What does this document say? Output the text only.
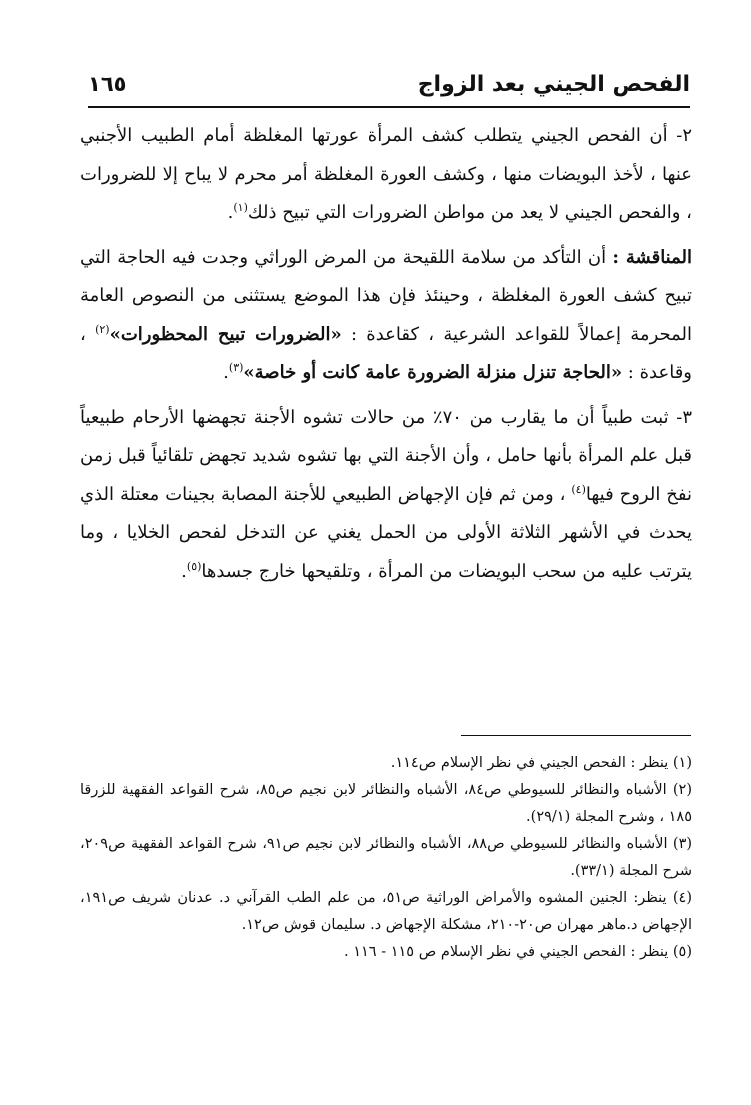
الفحص الجيني بعد الزواج
١٦٥

٢- أن الفحص الجيني يتطلب كشف المرأة عورتها المغلظة أمام الطبيب الأجنبي عنها ، لأخذ البويضات منها ، وكشف العورة المغلظة أمر محرم لا يباح إلا للضرورات ، والفحص الجيني لا يعد من مواطن الضرورات التي تبيح ذلك$^{(١)}$.

المناقشة : أن التأكد من سلامة اللقيحة من المرض الوراثي وجدت فيه الحاجة التي تبيح كشف العورة المغلظة ، وحينئذ فإن هذا الموضع يستثنى من النصوص العامة المحرمة إعمالاً للقواعد الشرعية ، كقاعدة : «الضرورات تبيح المحظورات»$^{(٢)}$ ، وقاعدة : «الحاجة تنزل منزلة الضرورة عامة كانت أو خاصة»$^{(٣)}$.

٣- ثبت طبياً أن ما يقارب من ٧٠٪ من حالات تشوه الأجنة تجهضها الأرحام طبيعياً قبل علم المرأة بأنها حامل ، وأن الأجنة التي بها تشوه شديد تجهض تلقائياً قبل زمن نفخ الروح فيها$^{(٤)}$ ، ومن ثم فإن الإجهاض الطبيعي للأجنة المصابة بجينات معتلة الذي يحدث في الأشهر الثلاثة الأولى من الحمل يغني عن التدخل لفحص الخلايا ، وما يترتب عليه من سحب البويضات من المرأة ، وتلقيحها خارج جسدها$^{(٥)}$.

(١) ينظر : الفحص الجيني في نظر الإسلام ص١١٤.

(٢) الأشباه والنظائر للسيوطي ص٨٤، الأشباه والنظائر لابن نجيم ص٨٥، شرح القواعد الفقهية للزرقا ١٨٥ ، وشرح المجلة (٢٩/١).

(٣) الأشباه والنظائر للسيوطي ص٨٨، الأشباه والنظائر لابن نجيم ص٩١، شرح القواعد الفقهية ص٢٠٩، شرح المجلة (٣٣/١).

(٤) ينظر: الجنين المشوه والأمراض الوراثية ص٥١، من علم الطب القرآني د. عدنان شريف ص١٩١، الإجهاض د.ماهر مهران ص٢٠-٢١٠، مشكلة الإجهاض د. سليمان قوش ص١٢.

(٥) ينظر : الفحص الجيني في نظر الإسلام ص ١١٥ - ١١٦ .
